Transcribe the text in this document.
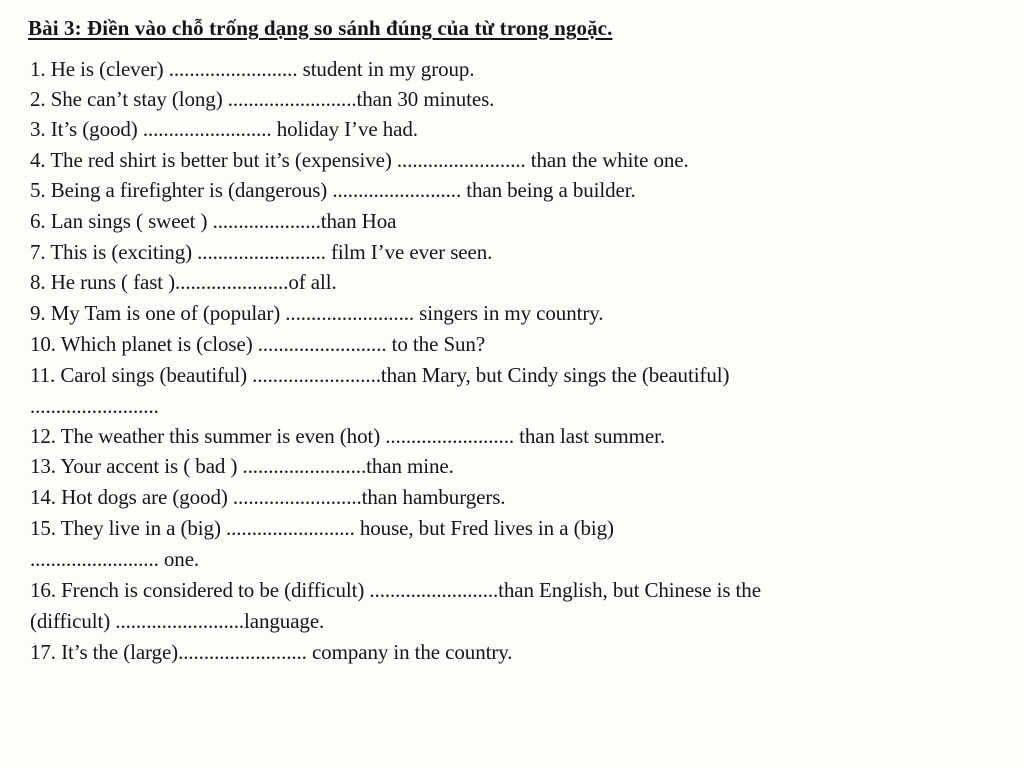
Bài 3: Điền vào chỗ trống dạng so sánh đúng của từ trong ngoặc.
1. He is (clever) ......................... student in my group.
2. She can’t stay (long) .........................than 30 minutes.
3. It’s (good) ......................... holiday I’ve had.
4. The red shirt is better but it’s (expensive) ......................... than the white one.
5. Being a firefighter is (dangerous) ......................... than being a builder.
6. Lan sings ( sweet ) .....................than Hoa
7. This is (exciting) ......................... film I’ve ever seen.
8. He runs ( fast )......................of all.
9. My Tam is one of (popular) ......................... singers in my country.
10. Which planet is (close) ......................... to the Sun?
11. Carol sings (beautiful) .........................than Mary, but Cindy sings the (beautiful)
.........................
12. The weather this summer is even (hot) ......................... than last summer.
13. Your accent is ( bad ) ........................than mine.
14. Hot dogs are (good) .........................than hamburgers.
15. They live in a (big) ......................... house, but Fred lives in a (big)
......................... one.
16. French is considered to be (difficult) .........................than English, but Chinese is the
(difficult) .........................language.
17. It’s the (large)......................... company in the country.
